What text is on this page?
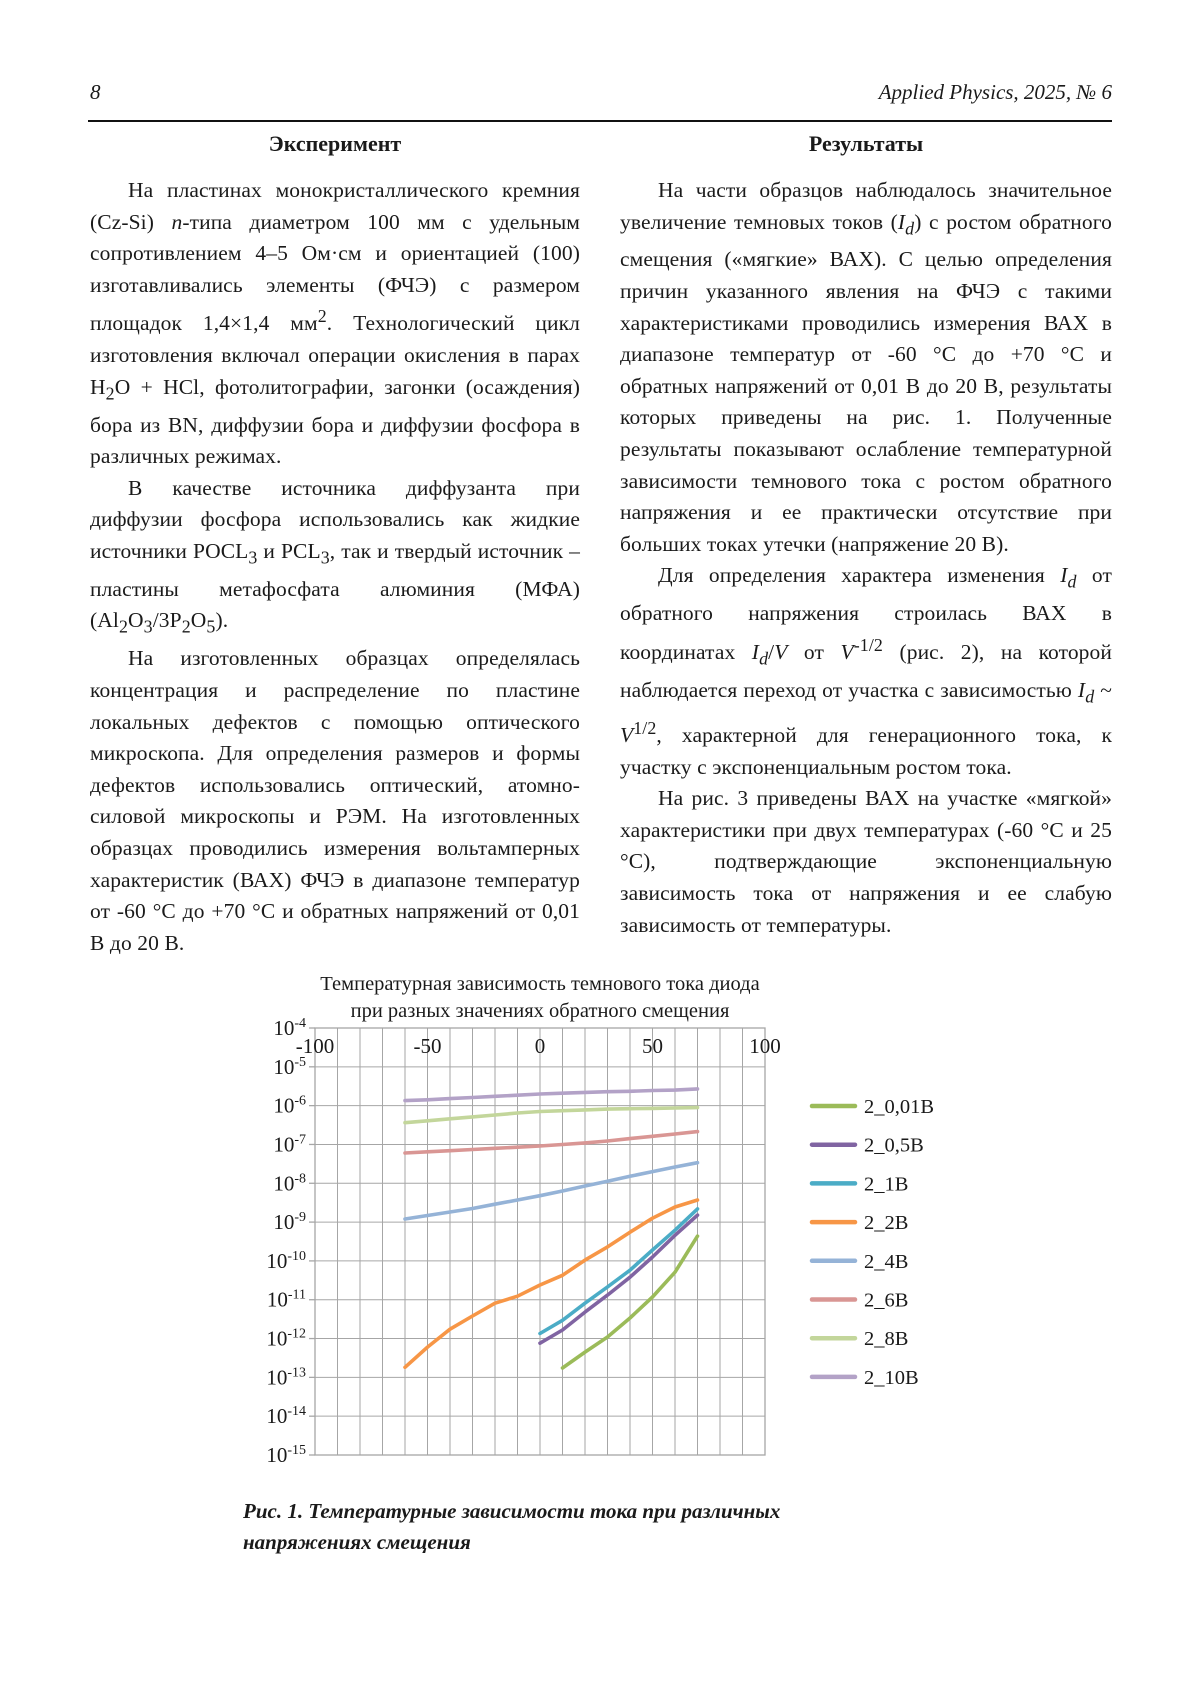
8	Applied Physics, 2025, № 6
Эксперимент

На пластинах монокристаллического кремния (Cz-Si) n-типа диаметром 100 мм с удельным сопротивлением 4–5 Ом·см и ориентацией (100) изготавливались элементы (ФЧЭ) с размером площадок 1,4×1,4 $мм^2$. Технологический цикл изготовления включал операции окисления в парах $H_2O$ + HCl, фотолитографии, загонки (осаждения) бора из BN, диффузии бора и диффузии фосфора в различных режимах.

В качестве источника диффузанта при диффузии фосфора использовались как жидкие источники $POCL_3$ и $PCL_3$, так и твердый источник – пластины метафосфата алюминия (МФА) $(Al_2O_3/3P_2O_5)$.

На изготовленных образцах определялась концентрация и распределение по пластине локальных дефектов с помощью оптического микроскопа. Для определения размеров и формы дефектов использовались оптический, атомно-силовой микроскопы и РЭМ. На изготовленных образцах проводились измерения вольтамперных характеристик (ВАХ) ФЧЭ в диапазоне температур от -60 °C до +70 °C и обратных напряжений от 0,01 В до 20 В.

Результаты

На части образцов наблюдалось значительное увеличение темновых токов $(I_d)$ с ростом обратного смещения («мягкие» ВАХ). С целью определения причин указанного явления на ФЧЭ с такими характеристиками проводились измерения ВАХ в диапазоне температур от -60 °C до +70 °C и обратных напряжений от 0,01 В до 20 В, результаты которых приведены на рис. 1. Полученные результаты показывают ослабление температурной зависимости темнового тока с ростом обратного напряжения и ее практически отсутствие при больших токах утечки (напряжение 20 В).

Для определения характера изменения $I_d$ от обратного напряжения строилась ВАХ в координатах $I_d/V$ от $V^{-1/2}$ (рис. 2), на которой наблюдается переход от участка с зависимостью $I_d$ ~ $V^{1/2}$, характерной для генерационного тока, к участку с экспоненциальным ростом тока.

На рис. 3 приведены ВАХ на участке «мягкой» характеристики при двух температурах (-60 °C и 25 °C), подтверждающие экспоненциальную зависимость тока от напряжения и ее слабую зависимость от температуры.

Температурная зависимость темнового тока диода
при разных значениях обратного смещения
$10^{-4}$
$10^{-5}$
$10^{-6}$
$10^{-7}$
$10^{-8}$
$10^{-9}$
$10^{-10}$
$10^{-11}$
$10^{-12}$
$10^{-13}$
$10^{-14}$
$10^{-15}$
-100	-50	0	50	100
2_0,01В
2_0,5В
2_1В
2_2В
2_4В
2_6В
2_8В
2_10В
Рис. 1. Температурные зависимости тока при различных напряжениях смещения
